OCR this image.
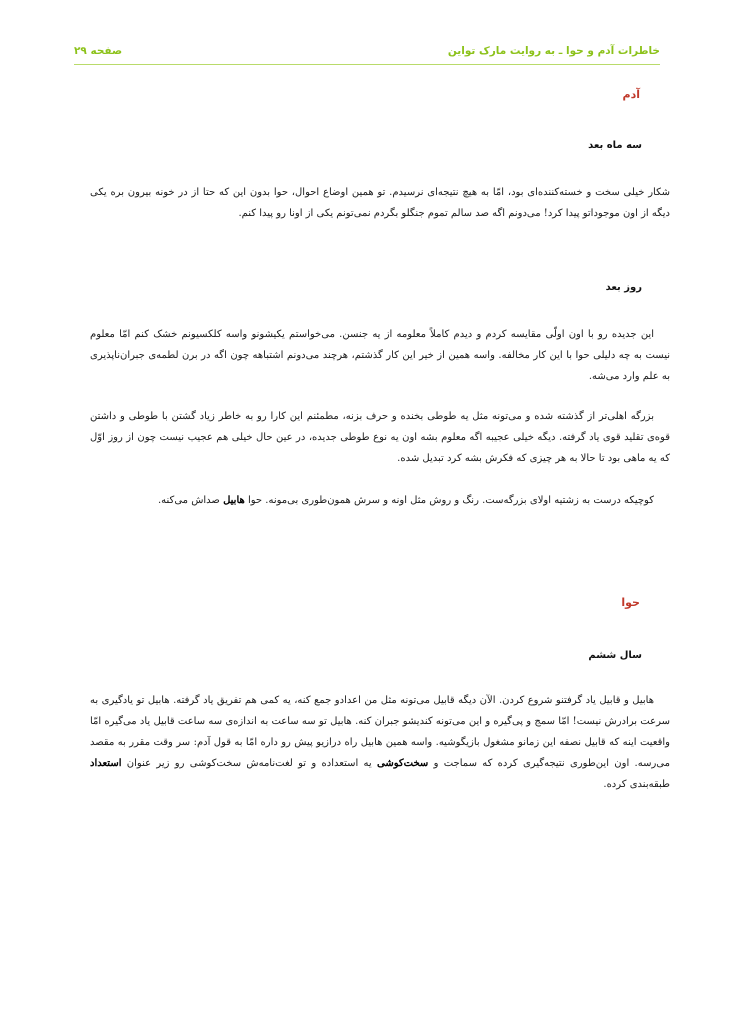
خاطرات آدم و حوا ـ به روایت مارک تواین
صفحه ۲۹
آدم
سه ماه بعد

شکار خیلی سخت و خسته‌کننده‌ای بود، امّا به هیچ نتیجه‌ای نرسیدم. تو همین اوضاع احوال، حوا بدون این که حتا از در خونه بیرون بره یکی دیگه از اون موجوداتو پیدا کرد! می‌دونم اگه صد سالم تموم جنگلو بگردم نمی‌تونم یکی از اونا رو پیدا کنم.

روز بعد

این جدیده رو با اون اولّی مقایسه کردم و دیدم کاملاً معلومه از یه جنسن. می‌خواستم یکیشونو واسه کلکسیونم خشک کنم امّا معلوم نیست به چه دلیلی حوا با این کار مخالفه. واسه همین از خیر این کار گذشتم، هرچند می‌دونم اشتباهه چون اگه در برن لطمه‌ی جبران‌ناپذیری به علم وارد می‌شه.

بزرگه اهلی‌تر از گذشته شده و می‌تونه مثل یه طوطی بخنده و حرف بزنه، مطمئنم این کارا رو به خاطر زیاد گشتن با طوطی و داشتن قوه‌ی تقلید قوی یاد گرفته. دیگه خیلی عجیبه اگه معلوم بشه اون یه نوع طوطی جدیده، در عین حال خیلی هم عجیب نیست چون از روز اوّل که یه ماهی بود تا حالا به هر چیزی که فکرش بشه کرد تبدیل شده.

کوچیکه درست به زشتیه اولای بزرگه‌ست. رنگ و روش مثل اونه و سرش همون‌طوری بی‌مونه. حوا هابیل صداش می‌کنه.

حوا
سال ششم

هابیل و قابیل یاد گرفتنو شروع کردن. الآن دیگه قابیل می‌تونه مثل من اعدادو جمع کنه، یه کمی هم تفریق یاد گرفته. هابیل تو یادگیری به سرعت برادرش نیست! امّا سمج و پی‌گیره و این می‌تونه کندیشو جبران کنه. هابیل تو سه ساعت به اندازه‌ی سه ساعت قابیل یاد می‌گیره امّا واقعیت اینه که قابیل نصفه این زمانو مشغول بازیگوشیه. واسه همین هابیل راه درازیو پیش رو داره امّا به قول آدم: سر وقت مقرر به مقصد می‌رسه. اون این‌طوری نتیجه‌گیری کرده که سماجت و سخت‌کوشی یه استعداده و تو لغت‌نامه‌ش سخت‌کوشی رو زیر عنوان استعداد طبقه‌بندی کرده.
